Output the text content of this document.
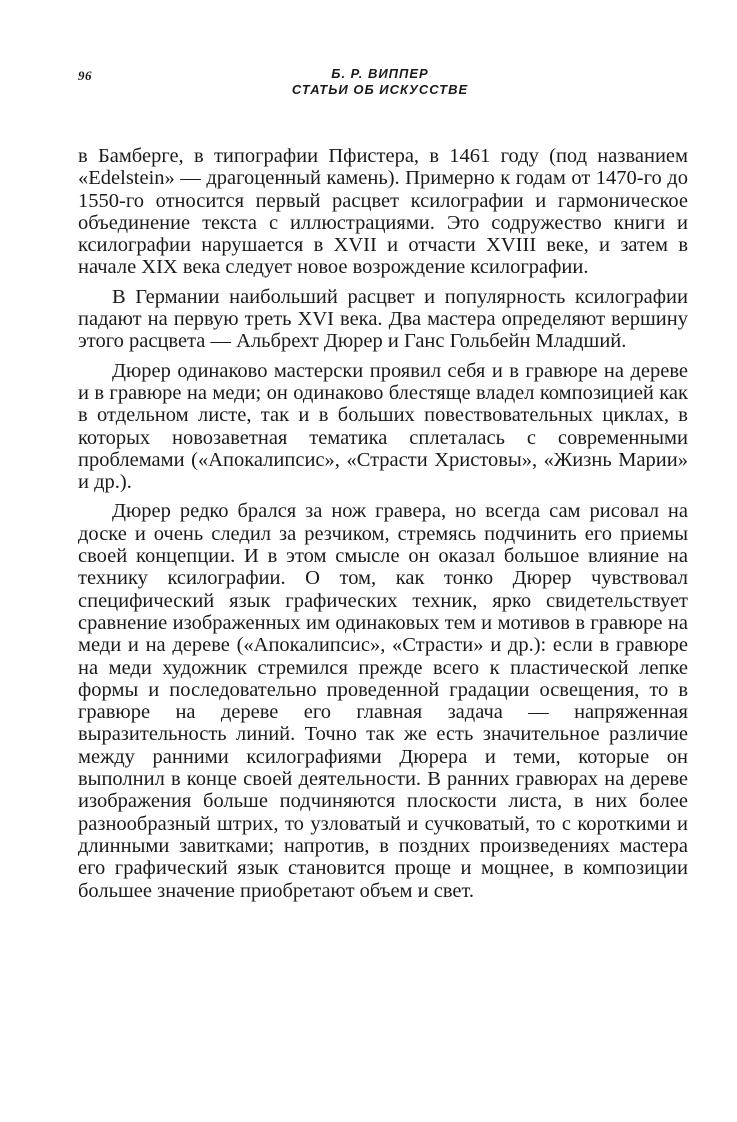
96	Б. Р. ВИППЕР
СТАТЬИ ОБ ИСКУССТВЕ

в Бамберге, в типографии Пфистера, в 1461 году (под названием «Edelstein» — драгоценный камень). Примерно к годам от 1470-го до 1550-го относится первый расцвет ксилографии и гармоническое объединение текста с иллюстрациями. Это содружество книги и ксилографии нарушается в XVII и отчасти XVIII веке, и затем в начале XIX века следует новое возрождение ксилографии.

В Германии наибольший расцвет и популярность ксилографии падают на первую треть XVI века. Два мастера определяют вершину этого расцвета — Альбрехт Дюрер и Ганс Гольбейн Младший.

Дюрер одинаково мастерски проявил себя и в гравюре на дереве и в гравюре на меди; он одинаково блестяще владел композицией как в отдельном листе, так и в больших повествовательных циклах, в которых новозаветная тематика сплеталась с современными проблемами («Апокалипсис», «Страсти Христовы», «Жизнь Марии» и др.).

Дюрер редко брался за нож гравера, но всегда сам рисовал на доске и очень следил за резчиком, стремясь подчинить его приемы своей концепции. И в этом смысле он оказал большое влияние на технику ксилографии. О том, как тонко Дюрер чувствовал специфический язык графических техник, ярко свидетельствует сравнение изображенных им одинаковых тем и мотивов в гравюре на меди и на дереве («Апокалипсис», «Страсти» и др.): если в гравюре на меди художник стремился прежде всего к пластической лепке формы и последовательно проведенной градации освещения, то в гравюре на дереве его главная задача — напряженная выразительность линий. Точно так же есть значительное различие между ранними ксилографиями Дюрера и теми, которые он выполнил в конце своей деятельности. В ранних гравюрах на дереве изображения больше подчиняются плоскости листа, в них более разнообразный штрих, то узловатый и сучковатый, то с короткими и длинными завитками; напротив, в поздних произведениях мастера его графический язык становится проще и мощнее, в композиции большее значение приобретают объем и свет.
